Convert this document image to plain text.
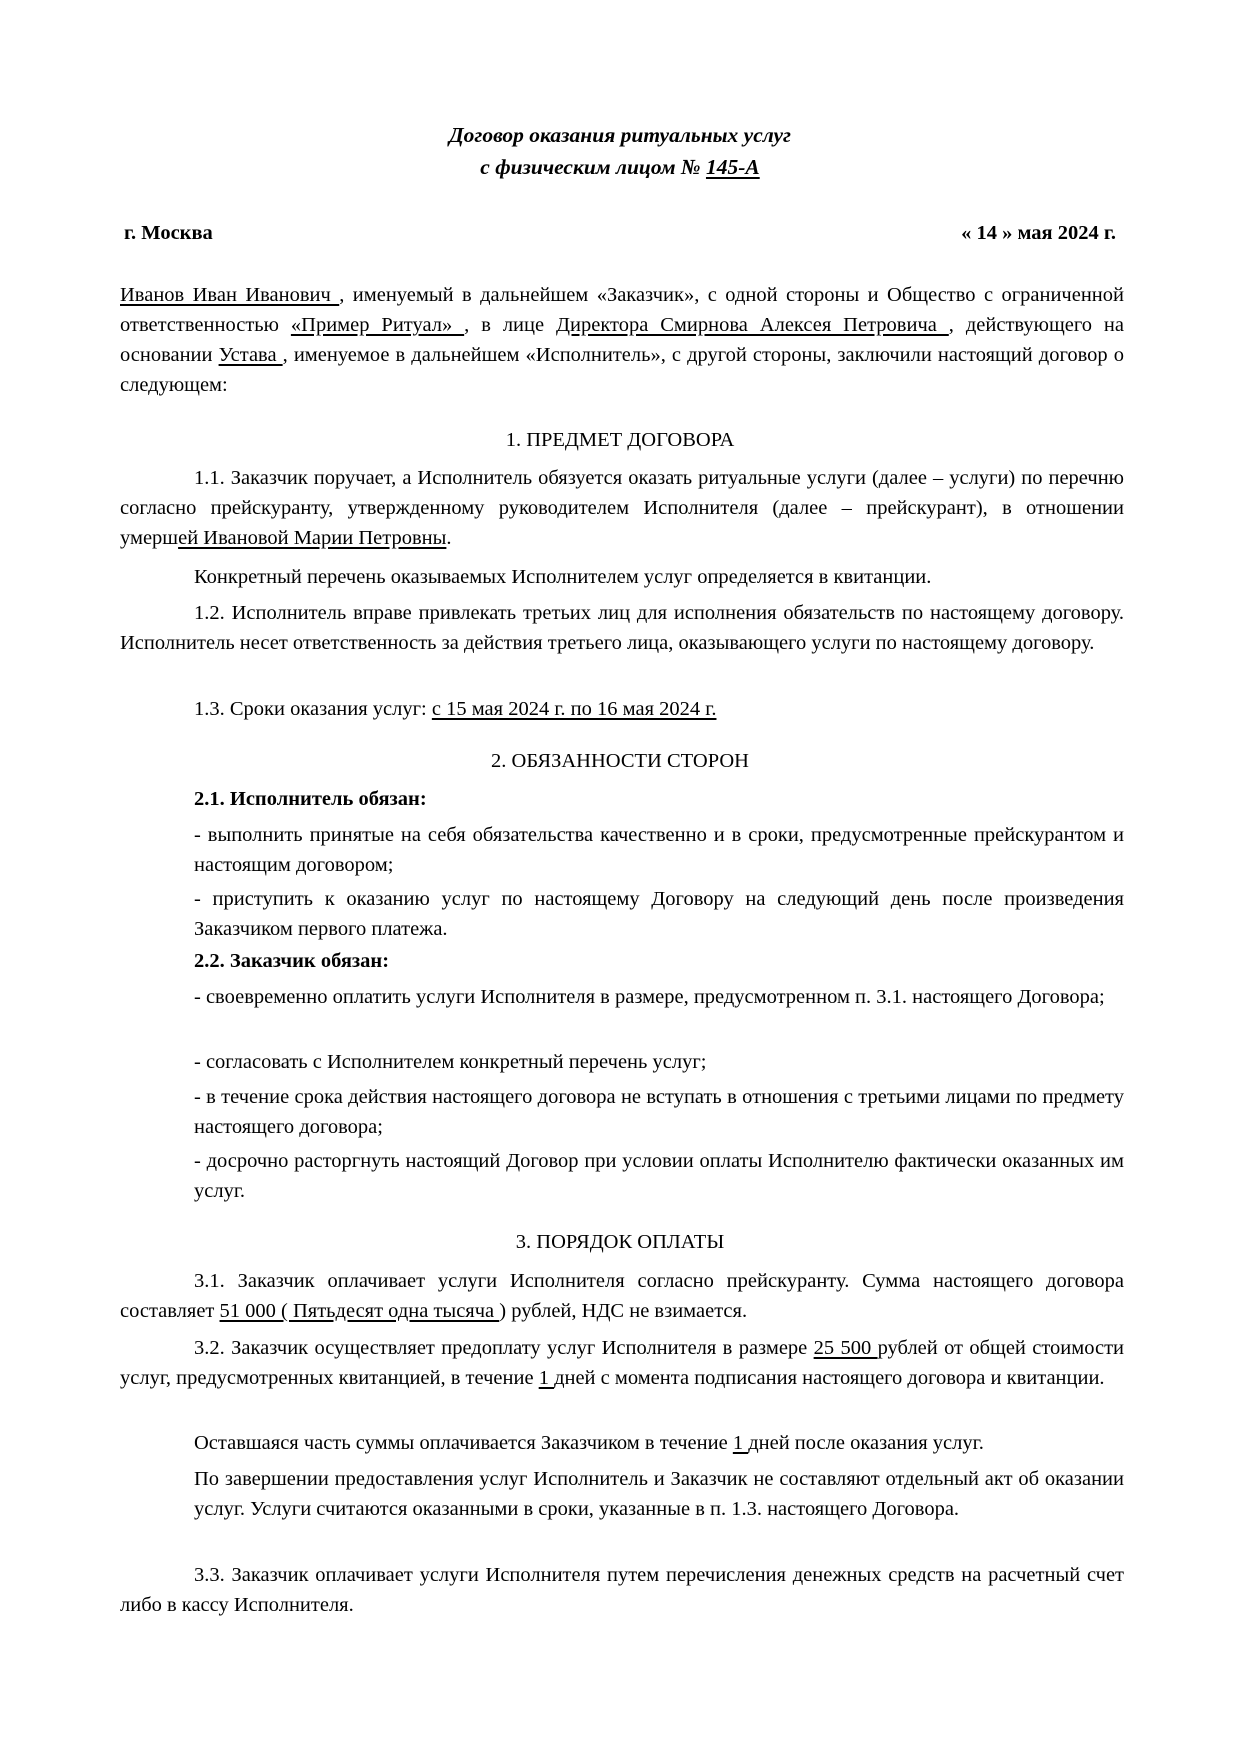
Договор оказания ритуальных услуг
с физическим лицом № 145-А
г. Москва	« 14 » мая 2024 г.

Иванов Иван Иванович , именуемый в дальнейшем «Заказчик», с одной стороны и Общество с ограниченной ответственностью «Пример Ритуал» , в лице Директора Смирнова Алексея Петровича , действующего на основании Устава , именуемое в дальнейшем «Исполнитель», с другой стороны, заключили настоящий договор о следующем:

1. ПРЕДМЕТ ДОГОВОРА

1.1. Заказчик поручает, а Исполнитель обязуется оказать ритуальные услуги (далее – услуги) по перечню согласно прейскуранту, утвержденному руководителем Исполнителя (далее – прейскурант), в отношении умершей Ивановой Марии Петровны.

Конкретный перечень оказываемых Исполнителем услуг определяется в квитанции.

1.2. Исполнитель вправе привлекать третьих лиц для исполнения обязательств по настоящему договору. Исполнитель несет ответственность за действия третьего лица, оказывающего услуги по настоящему договору.

1.3. Сроки оказания услуг: с 15 мая 2024 г. по 16 мая 2024 г.

2. ОБЯЗАННОСТИ СТОРОН

2.1. Исполнитель обязан:

- выполнить принятые на себя обязательства качественно и в сроки, предусмотренные прейскурантом и настоящим договором;

- приступить к оказанию услуг по настоящему Договору на следующий день после произведения Заказчиком первого платежа.

2.2. Заказчик обязан:

- своевременно оплатить услуги Исполнителя в размере, предусмотренном п. 3.1. настоящего Договора;

- согласовать с Исполнителем конкретный перечень услуг;

- в течение срока действия настоящего договора не вступать в отношения с третьими лицами по предмету настоящего договора;

- досрочно расторгнуть настоящий Договор при условии оплаты Исполнителю фактически оказанных им услуг.

3. ПОРЯДОК ОПЛАТЫ

3.1. Заказчик оплачивает услуги Исполнителя согласно прейскуранту. Сумма настоящего договора составляет 51 000 ( Пятьдесят одна тысяча ) рублей, НДС не взимается.

3.2. Заказчик осуществляет предоплату услуг Исполнителя в размере 25 500 рублей от общей стоимости услуг, предусмотренных квитанцией, в течение 1 дней с момента подписания настоящего договора и квитанции.

Оставшаяся часть суммы оплачивается Заказчиком в течение 1 дней после оказания услуг.

По завершении предоставления услуг Исполнитель и Заказчик не составляют отдельный акт об оказании услуг. Услуги считаются оказанными в сроки, указанные в п. 1.3. настоящего Договора.

3.3. Заказчик оплачивает услуги Исполнителя путем перечисления денежных средств на расчетный счет либо в кассу Исполнителя.
